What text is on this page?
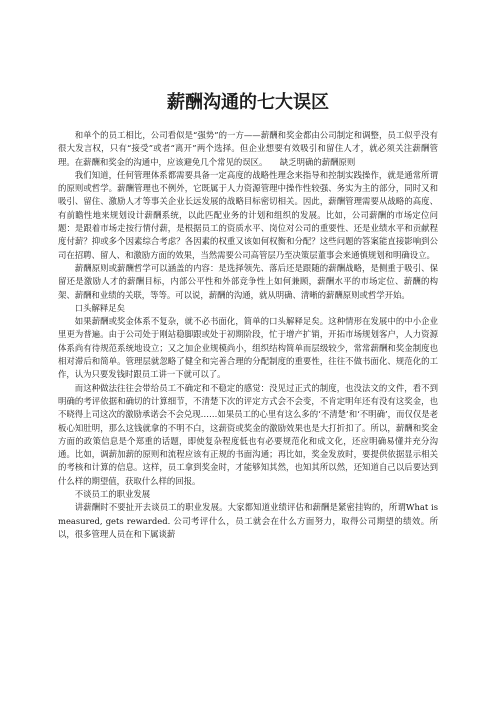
薪酬沟通的七大误区

和单个的员工相比，公司看似是“强势”的一方——薪酬和奖金都由公司制定和调整，员工似乎没有很大发言权，只有“接受”或者“离开”两个选择。但企业想要有效吸引和留住人才，就必须关注薪酬管理。在薪酬和奖金的沟通中，应该避免几个常见的误区。　　缺乏明确的薪酬原则

我们知道，任何管理体系都需要具备一定高度的战略性理念来指导和控制实践操作，就是通常所谓的原则或哲学。薪酬管理也不例外，它既属于人力资源管理中操作性较强、务实为主的部分，同时又和吸引、留住、激励人才等事关企业长远发展的战略目标密切相关。因此，薪酬管理需要从战略的高度、有前瞻性地来规划设计薪酬系统，以此匹配业务的计划和组织的发展。比如，公司薪酬的市场定位问题：是跟着市场走按行情付薪，是根据员工的资质水平、岗位对公司的重要性、还是业绩水平和贡献程度付薪？抑或多个因素综合考虑？各因素的权重又该如何权衡和分配？这些问题的答案能直接影响到公司在招聘、留人、和激励方面的效果，当然需要公司高管层乃至决策层董事会来通慎规划和明确设立。

薪酬原则或薪酬哲学可以涵盖的内容：是选择领先、落后还是跟随的薪酬战略，是侧重于吸引、保留还是激励人才的薪酬目标，内部公平性和外部竞争性上如何兼顾，薪酬水平的市场定位、薪酬的构架、薪酬和业绩的关联，等等。可以说，薪酬的沟通，就从明确、清晰的薪酬原则或哲学开始。

口头解释足矣

如果薪酬或奖金体系不复杂，就不必书面化，简单的口头解释足矣。这种情形在发展中的中小企业里更为普遍。由于公司处于刚站稳脚跟或处于初期阶段，忙于增产扩销，开拓市场规划客户，人力资源体系尚有待规范系统地设立；又之加企业规模尚小，组织结构简单而层级较少，常常薪酬和奖金制度也相对滞后和简单。管理层就忽略了健全和完善合理的分配制度的重要性，往往不做书面化、规范化的工作，认为只要发钱时跟员工讲一下就可以了。

而这种做法往往会带给员工不确定和不稳定的感觉：没见过正式的制度，也没法文的文件，看不到明确的考评依据和确切的计算细节，不清楚下次的评定方式会不会变，不肯定明年还有没有这奖金，也不晓得上司这次的激励承诺会不会兑现……如果员工的心里有这么多的‘不清楚’和‘不明确’，而仅仅是老板心知肚明，那么这钱就拿的不明不白，这薪资或奖金的激励效果也是大打折扣了。所以，薪酬和奖金方面的政策信息是个郑重的话题，即使复杂程度低也有必要规范化和成文化，还应明确易懂并充分沟通。比如，调薪加薪的原则和流程应该有正规的书面沟通；再比如，奖金发放时，要提供依据显示相关的考核和计算的信息。这样，员工拿到奖金时，才能够知其然，也知其所以然，还知道自己以后要达到什么样的期望值，获取什么样的回报。

不谈员工的职业发展

讲薪酬时不要扯开去谈员工的职业发展。大家都知道业绩评估和薪酬是紧密挂钩的，所谓What is measured, gets rewarded. 公司考评什么，员工就会在什么方面努力，取得公司期望的绩效。所以，很多管理人员在和下属谈薪
